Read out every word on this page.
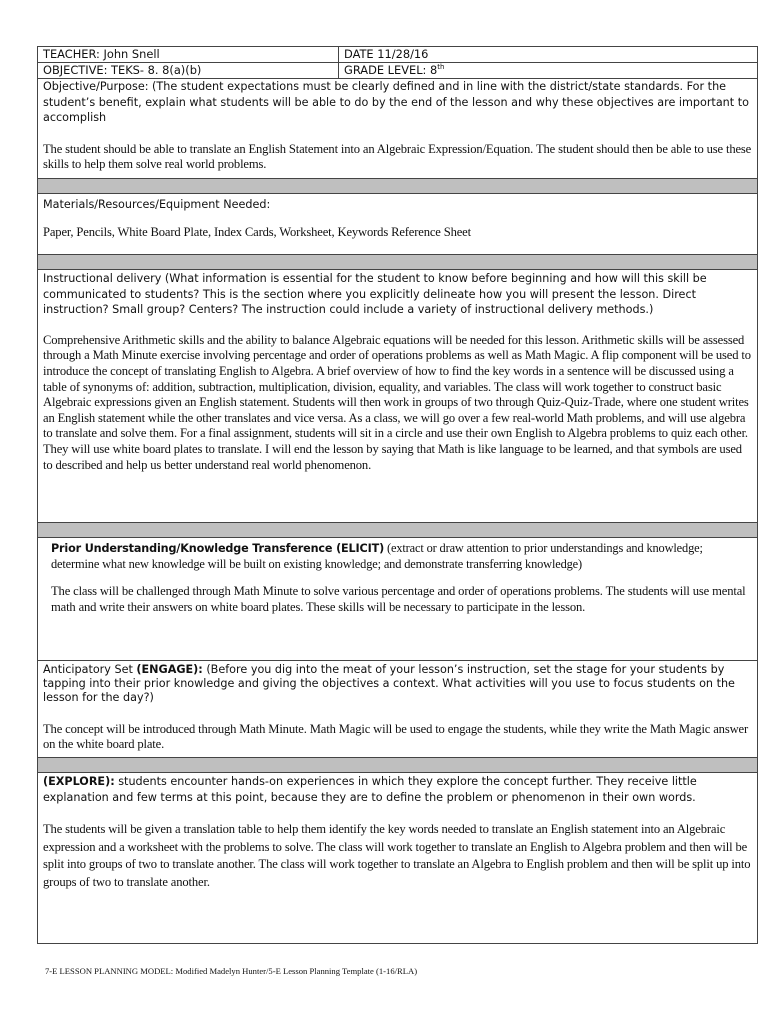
TEACHER: John Snell	DATE 11/28/16
OBJECTIVE: TEKS- 8. 8(a)(b)	GRADE LEVEL: 8th

Objective/Purpose: (The student expectations must be clearly defined and in line with the district/state standards. For the student’s benefit, explain what students will be able to do by the end of the lesson and why these objectives are important to accomplish

The student should be able to translate an English Statement into an Algebraic Expression/Equation. The student should then be able to use these skills to help them solve real world problems.	

Materials/Resources/Equipment Needed:

Paper, Pencils, White Board Plate, Index Cards, Worksheet, Keywords Reference Sheet	

Instructional delivery (What information is essential for the student to know before beginning and how will this skill be communicated to students? This is the section where you explicitly delineate how you will present the lesson. Direct instruction? Small group? Centers? The instruction could include a variety of instructional delivery methods.)

Comprehensive Arithmetic skills and the ability to balance Algebraic equations will be needed for this lesson. Arithmetic skills will be assessed through a Math Minute exercise involving percentage and order of operations problems as well as Math Magic. A flip component will be used to introduce the concept of translating English to Algebra. A brief overview of how to find the key words in a sentence will be discussed using a table of synonyms of: addition, subtraction, multiplication, division, equality, and variables. The class will work together to construct basic Algebraic expressions given an English statement. Students will then work in groups of two through Quiz-Quiz-Trade, where one student writes an English statement while the other translates and vice versa. As a class, we will go over a few real-world Math problems, and will use algebra to translate and solve them. For a final assignment, students will sit in a circle and use their own English to Algebra problems to quiz each other. They will use white board plates to translate. I will end the lesson by saying that Math is like language to be learned, and that symbols are used to described and help us better understand real world phenomenon.	

Prior Understanding/Knowledge Transference (ELICIT) (extract or draw attention to prior understandings and knowledge; determine what new knowledge will be built on existing knowledge; and demonstrate transferring knowledge)

The class will be challenged through Math Minute to solve various percentage and order of operations problems. The students will use mental math and write their answers on white board plates. These skills will be necessary to participate in the lesson.	

Anticipatory Set (ENGAGE): (Before you dig into the meat of your lesson’s instruction, set the stage for your students by tapping into their prior knowledge and giving the objectives a context. What activities will you use to focus students on the lesson for the day?)

The concept will be introduced through Math Minute. Math Magic will be used to engage the students, while they write the Math Magic answer on the white board plate.	

(EXPLORE): students encounter hands-on experiences in which they explore the concept further. They receive little explanation and few terms at this point, because they are to define the problem or phenomenon in their own words.

The students will be given a translation table to help them identify the key words needed to translate an English statement into an Algebraic expression and a worksheet with the problems to solve. The class will work together to translate an English to Algebra problem and then will be split into groups of two to translate another. The class will work together to translate an Algebra to English problem and then will be split up into groups of two to translate another.	

7-E LESSON PLANNING MODEL: Modified Madelyn Hunter/5-E Lesson Planning Template (1-16/RLA)
